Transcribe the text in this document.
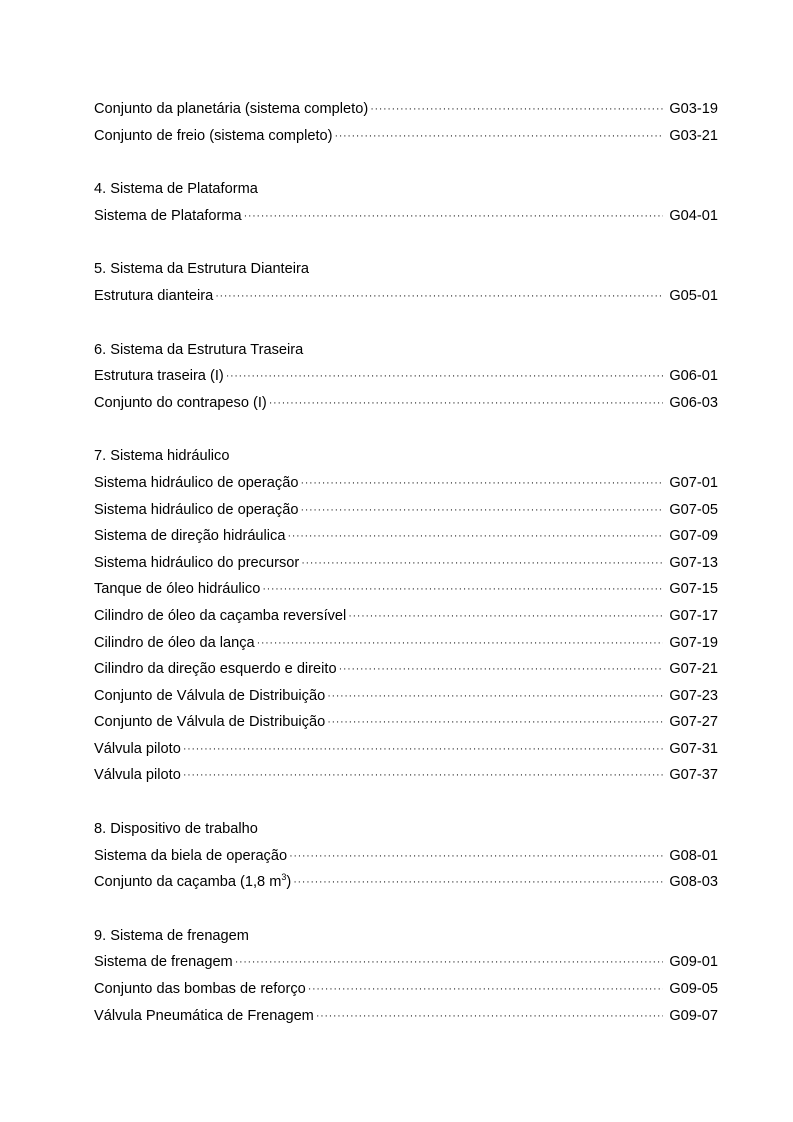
Conjunto da planetária (sistema completo) ·····	G03-19
Conjunto de freio (sistema completo) ·····	G03-21
4. Sistema de Plataforma
Sistema de Plataforma ·····	G04-01
5. Sistema da Estrutura Dianteira
Estrutura dianteira ·····	G05-01
6. Sistema da Estrutura Traseira
Estrutura traseira (I) ·····	G06-01
Conjunto do contrapeso (I) ·····	G06-03
7. Sistema hidráulico
Sistema hidráulico de operação ·····	G07-01
Sistema hidráulico de operação ·····	G07-05
Sistema de direção hidráulica ·····	G07-09
Sistema hidráulico do precursor ·····	G07-13
Tanque de óleo hidráulico ·····	G07-15
Cilindro de óleo da caçamba reversível ·····	G07-17
Cilindro de óleo da lança ·····	G07-19
Cilindro da direção esquerdo e direito ·····	G07-21
Conjunto de Válvula de Distribuição ·····	G07-23
Conjunto de Válvula de Distribuição ·····	G07-27
Válvula piloto ·····	G07-31
Válvula piloto ·····	G07-37
8. Dispositivo de trabalho
Sistema da biela de operação ·····	G08-01
Conjunto da caçamba (1,8 $m^3$) ·····	G08-03
9. Sistema de frenagem
Sistema de frenagem ·····	G09-01
Conjunto das bombas de reforço ·····	G09-05
Válvula Pneumática de Frenagem ·····	G09-07
